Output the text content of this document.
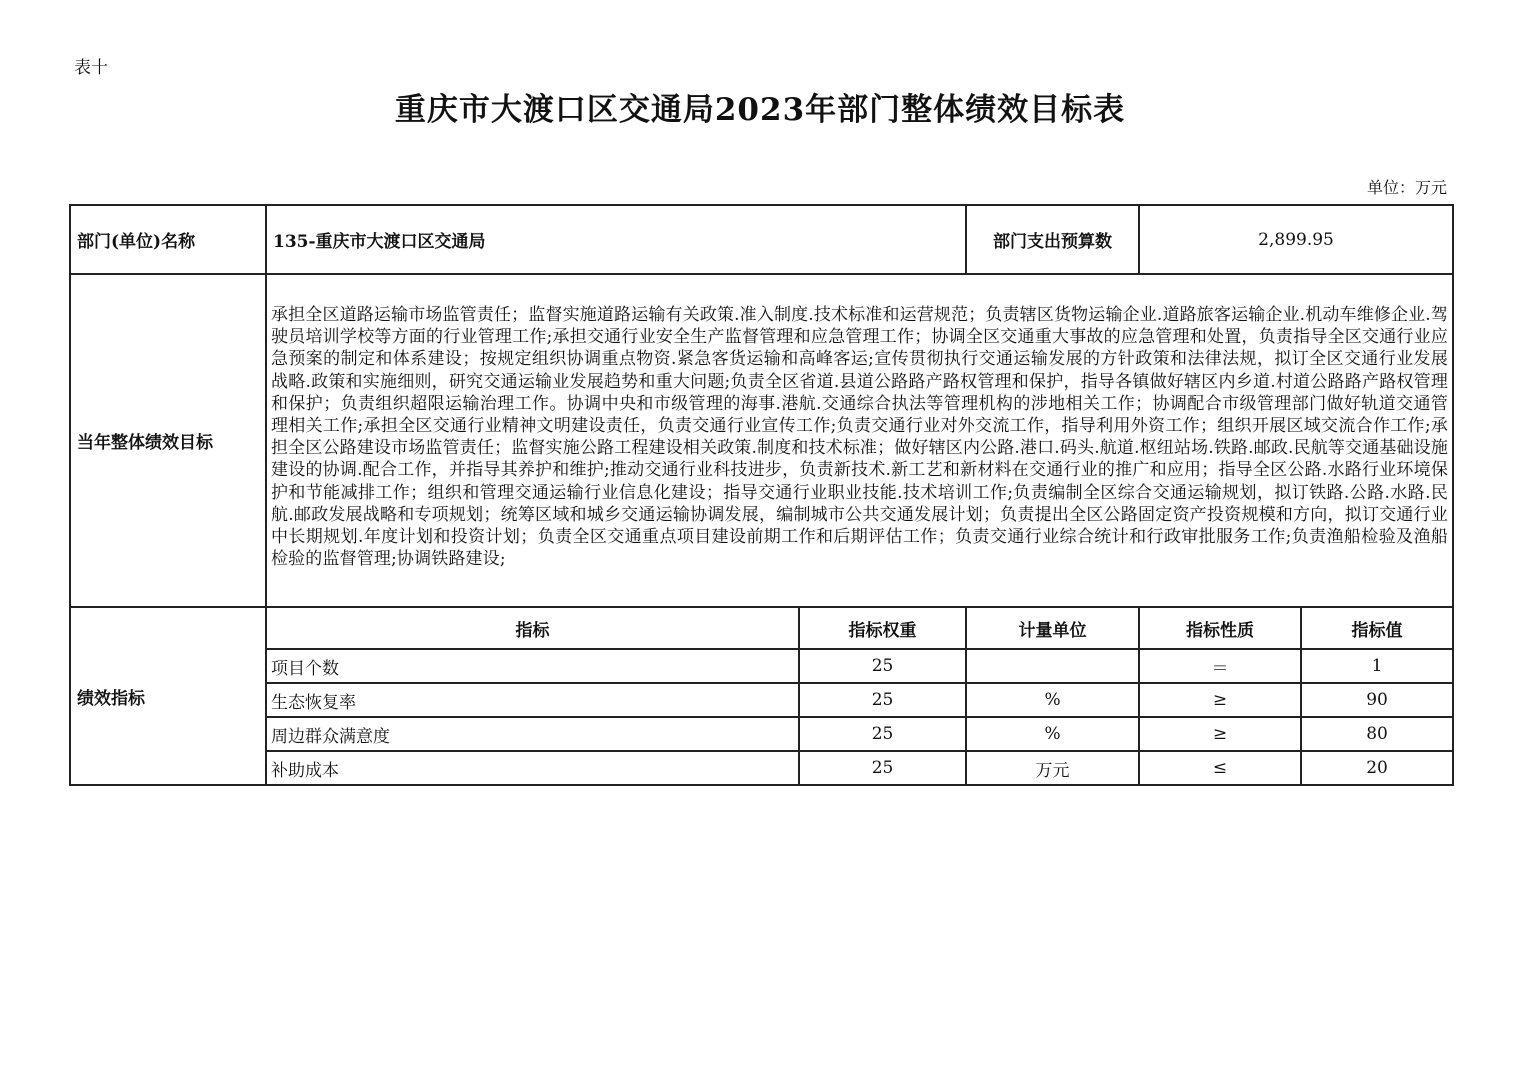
表十
重庆市大渡口区交通局2023年部门整体绩效目标表
单位：万元
部门(单位)名称	135-重庆市大渡口区交通局		部门支出预算数	2,899.95	
当年整体绩效目标	承担全区道路运输市场监管责任；监督实施道路运输有关政策.准入制度.技术标准和运营规范；负责辖区货物运输企业.道路旅客运输企业.机动车维修企业.驾驶员培训学校等方面的行业管理工作;承担交通行业安全生产监督管理和应急管理工作；协调全区交通重大事故的应急管理和处置，负责指导全区交通行业应急预案的制定和体系建设；按规定组织协调重点物资.紧急客货运输和高峰客运;宣传贯彻执行交通运输发展的方针政策和法律法规，拟订全区交通行业发展战略.政策和实施细则，研究交通运输业发展趋势和重大问题;负责全区省道.县道公路路产路权管理和保护，指导各镇做好辖区内乡道.村道公路路产路权管理和保护；负责组织超限运输治理工作。协调中央和市级管理的海事.港航.交通综合执法等管理机构的涉地相关工作；协调配合市级管理部门做好轨道交通管理相关工作;承担全区交通行业精神文明建设责任，负责交通行业宣传工作;负责交通行业对外交流工作，指导利用外资工作；组织开展区域交流合作工作;承担全区公路建设市场监管责任；监督实施公路工程建设相关政策.制度和技术标准；做好辖区内公路.港口.码头.航道.枢纽站场.铁路.邮政.民航等交通基础设施建设的协调.配合工作，并指导其养护和维护;推动交通行业科技进步，负责新技术.新工艺和新材料在交通行业的推广和应用；指导全区公路.水路行业环境保护和节能减排工作；组织和管理交通运输行业信息化建设；指导交通行业职业技能.技术培训工作;负责编制全区综合交通运输规划，拟订铁路.公路.水路.民航.邮政发展战略和专项规划；统筹区域和城乡交通运输协调发展，编制城市公共交通发展计划；负责提出全区公路固定资产投资规模和方向，拟订交通行业中长期规划.年度计划和投资计划；负责全区交通重点项目建设前期工作和后期评估工作；负责交通行业综合统计和行政审批服务工作;负责渔船检验及渔船检验的监督管理;协调铁路建设;				

绩效指标	指标	指标权重	计量单位	指标性质	指标值
	项目个数	25		＝	1
	生态恢复率	25	%	≥	90
	周边群众满意度	25	%	≥	80
	补助成本	25	万元	≤	20
